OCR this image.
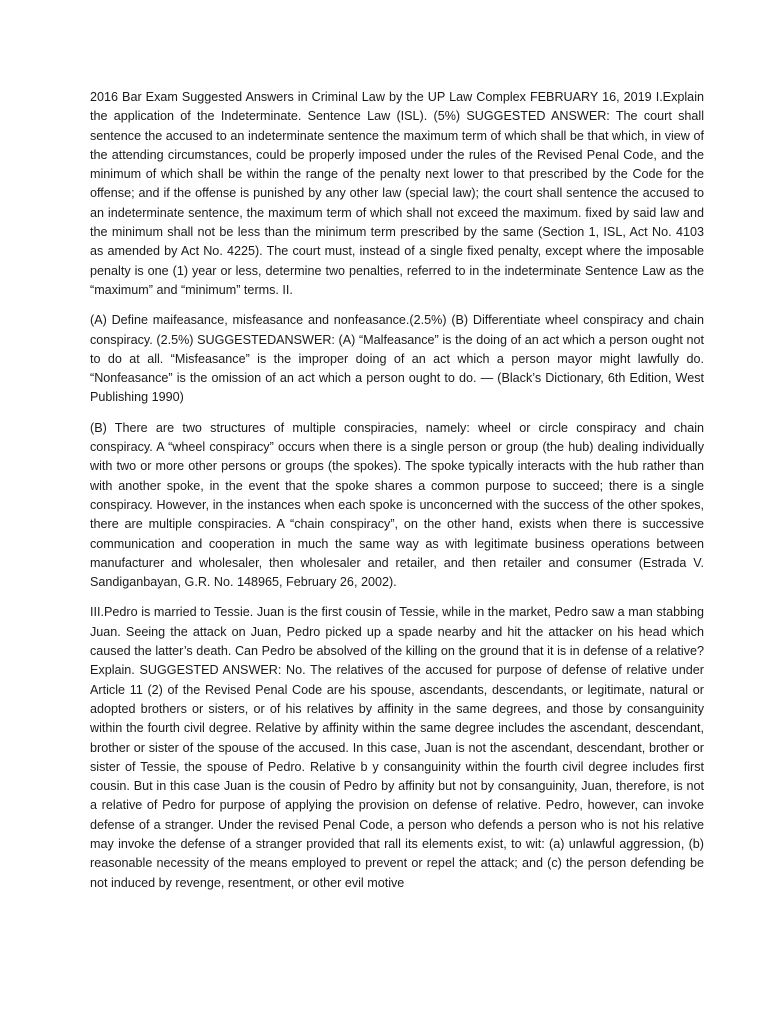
2016 Bar Exam Suggested Answers in Criminal Law by the UP Law Complex FEBRUARY 16, 2019 I.Explain the application of the Indeterminate. Sentence Law (ISL). (5%) SUGGESTED ANSWER: The court shall sentence the accused to an indeterminate sentence the maximum term of which shall be that which, in view of the attending circumstances, could be properly imposed under the rules of the Revised Penal Code, and the minimum of which shall be within the range of the penalty next lower to that prescribed by the Code for the offense; and if the offense is punished by any other law (special law); the court shall sentence the accused to an indeterminate sentence, the maximum term of which shall not exceed the maximum. fixed by said law and the minimum shall not be less than the minimum term prescribed by the same (Section 1, ISL, Act No. 4103 as amended by Act No. 4225). The court must, instead of a single fixed penalty, except where the imposable penalty is one (1) year or less, determine two penalties, referred to in the indeterminate Sentence Law as the “maximum” and “minimum” terms. II.

(A) Define maifeasance, misfeasance and nonfeasance.(2.5%) (B) Differentiate wheel conspiracy and chain conspiracy. (2.5%) SUGGESTEDANSWER: (A) “Malfeasance” is the doing of an act which a person ought not to do at all. “Misfeasance” is the improper doing of an act which a person mayor might lawfully do. “Nonfeasance” is the omission of an act which a person ought to do. — (Black’s Dictionary, 6th Edition, West Publishing 1990)

(B) There are two structures of multiple conspiracies, namely: wheel or circle conspiracy and chain conspiracy. A “wheel conspiracy” occurs when there is a single person or group (the hub) dealing individually with two or more other persons or groups (the spokes). The spoke typically interacts with the hub rather than with another spoke, in the event that the spoke shares a common purpose to succeed; there is a single conspiracy. However, in the instances when each spoke is unconcerned with the success of the other spokes, there are multiple conspiracies. A “chain conspiracy”, on the other hand, exists when there is successive communication and cooperation in much the same way as with legitimate business operations between manufacturer and wholesaler, then wholesaler and retailer, and then retailer and consumer (Estrada V. Sandiganbayan, G.R. No. 148965, February 26, 2002).

III.Pedro is married to Tessie. Juan is the first cousin of Tessie, while in the market, Pedro saw a man stabbing Juan. Seeing the attack on Juan, Pedro picked up a spade nearby and hit the attacker on his head which caused the latter’s death. Can Pedro be absolved of the killing on the ground that it is in defense of a relative? Explain. SUGGESTED ANSWER: No. The relatives of the accused for purpose of defense of relative under Article 11 (2) of the Revised Penal Code are his spouse, ascendants, descendants, or legitimate, natural or adopted brothers or sisters, or of his relatives by affinity in the same degrees, and those by consanguinity within the fourth civil degree. Relative by affinity within the same degree includes the ascendant, descendant, brother or sister of the spouse of the accused. In this case, Juan is not the ascendant, descendant, brother or sister of Tessie, the spouse of Pedro. Relative b y consanguinity within the fourth civil degree includes first cousin. But in this case Juan is the cousin of Pedro by affinity but not by consanguinity, Juan, therefore, is not a relative of Pedro for purpose of applying the provision on defense of relative. Pedro, however, can invoke defense of a stranger. Under the revised Penal Code, a person who defends a person who is not his relative may invoke the defense of a stranger provided that rall its elements exist, to wit: (a) unlawful aggression, (b) reasonable necessity of the means employed to prevent or repel the attack; and (c) the person defending be not induced by revenge, resentment, or other evil motive
